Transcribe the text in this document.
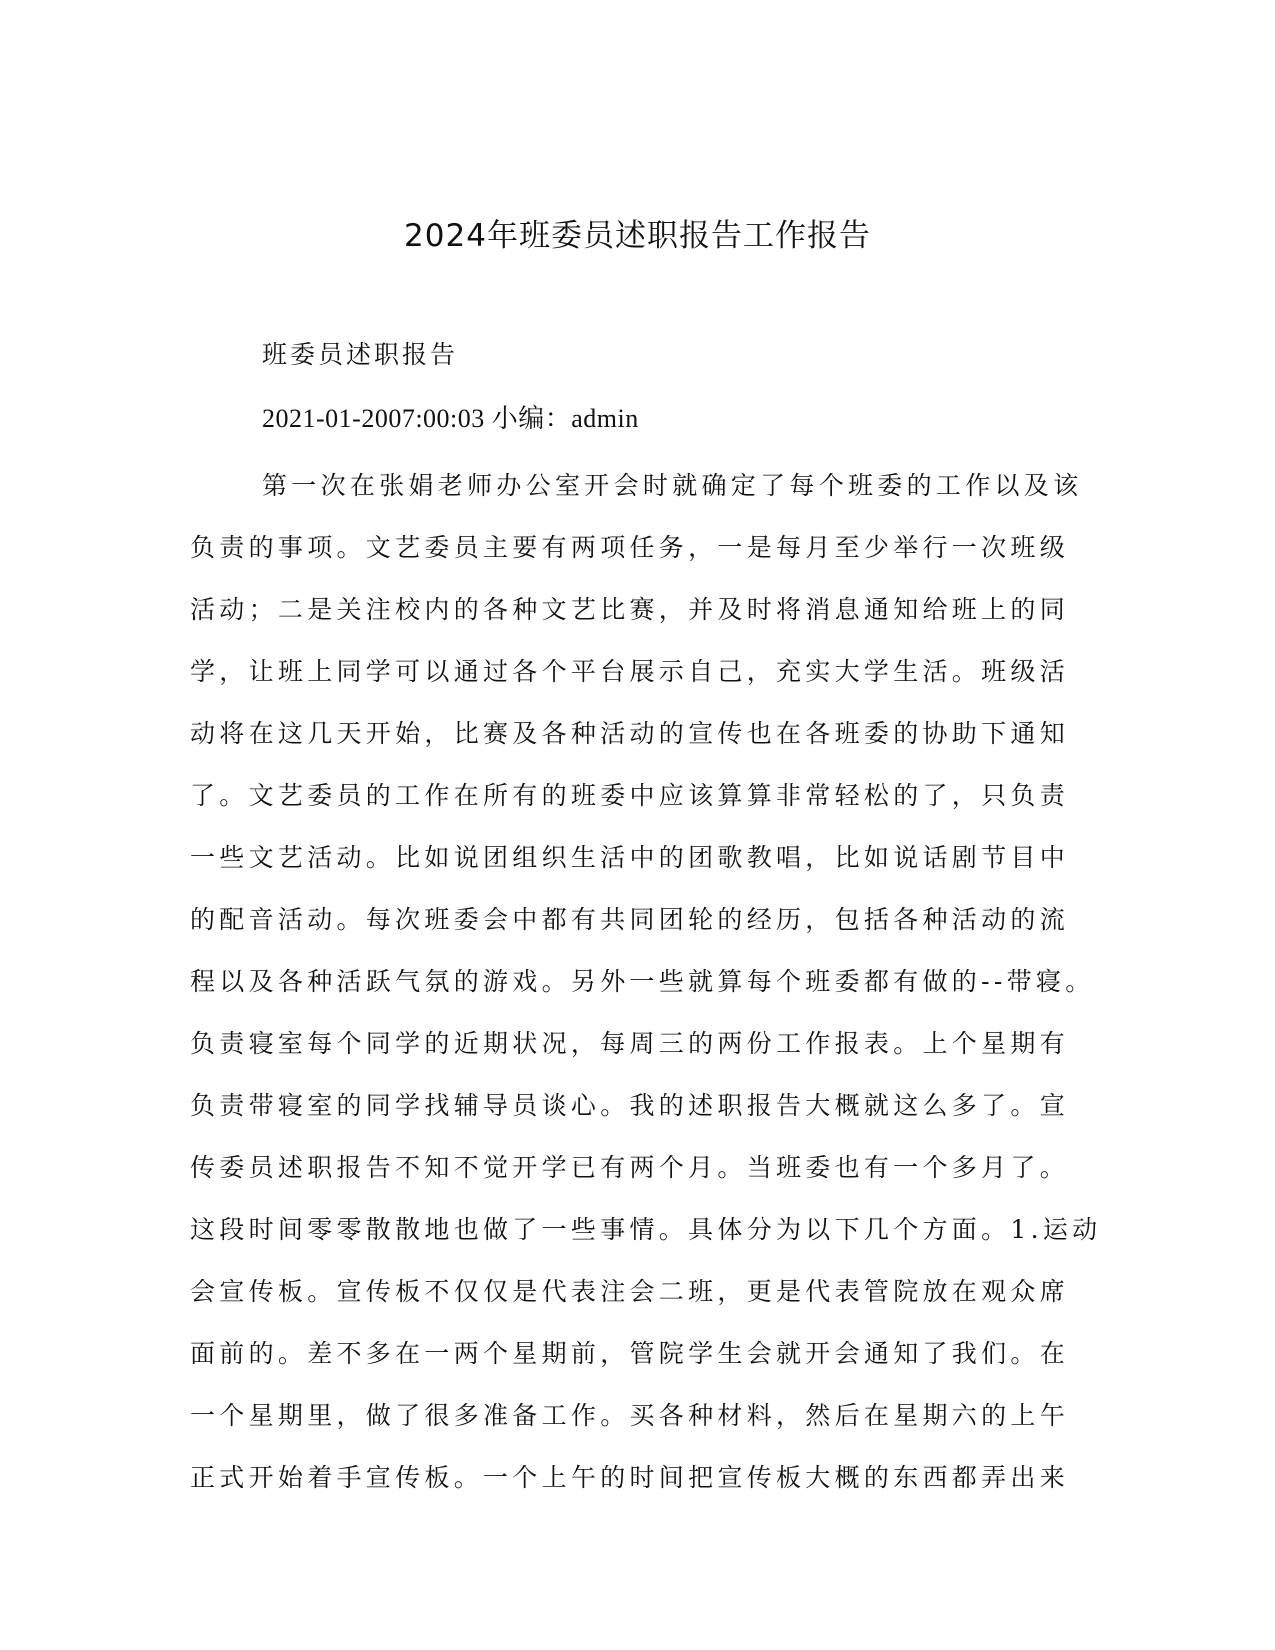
2024年班委员述职报告工作报告
班委员述职报告
2021-01-2007:00:03 小编：admin
第一次在张娟老师办公室开会时就确定了每个班委的工作以及该
负责的事项。文艺委员主要有两项任务，一是每月至少举行一次班级
活动；二是关注校内的各种文艺比赛，并及时将消息通知给班上的同
学，让班上同学可以通过各个平台展示自己，充实大学生活。班级活
动将在这几天开始，比赛及各种活动的宣传也在各班委的协助下通知
了。文艺委员的工作在所有的班委中应该算算非常轻松的了，只负责
一些文艺活动。比如说团组织生活中的团歌教唱，比如说话剧节目中
的配音活动。每次班委会中都有共同团轮的经历，包括各种活动的流
程以及各种活跃气氛的游戏。另外一些就算每个班委都有做的--带寝。
负责寝室每个同学的近期状况，每周三的两份工作报表。上个星期有
负责带寝室的同学找辅导员谈心。我的述职报告大概就这么多了。宣
传委员述职报告不知不觉开学已有两个月。当班委也有一个多月了。
这段时间零零散散地也做了一些事情。具体分为以下几个方面。1.运动
会宣传板。宣传板不仅仅是代表注会二班，更是代表管院放在观众席
面前的。差不多在一两个星期前，管院学生会就开会通知了我们。在
一个星期里，做了很多准备工作。买各种材料，然后在星期六的上午
正式开始着手宣传板。一个上午的时间把宣传板大概的东西都弄出来
